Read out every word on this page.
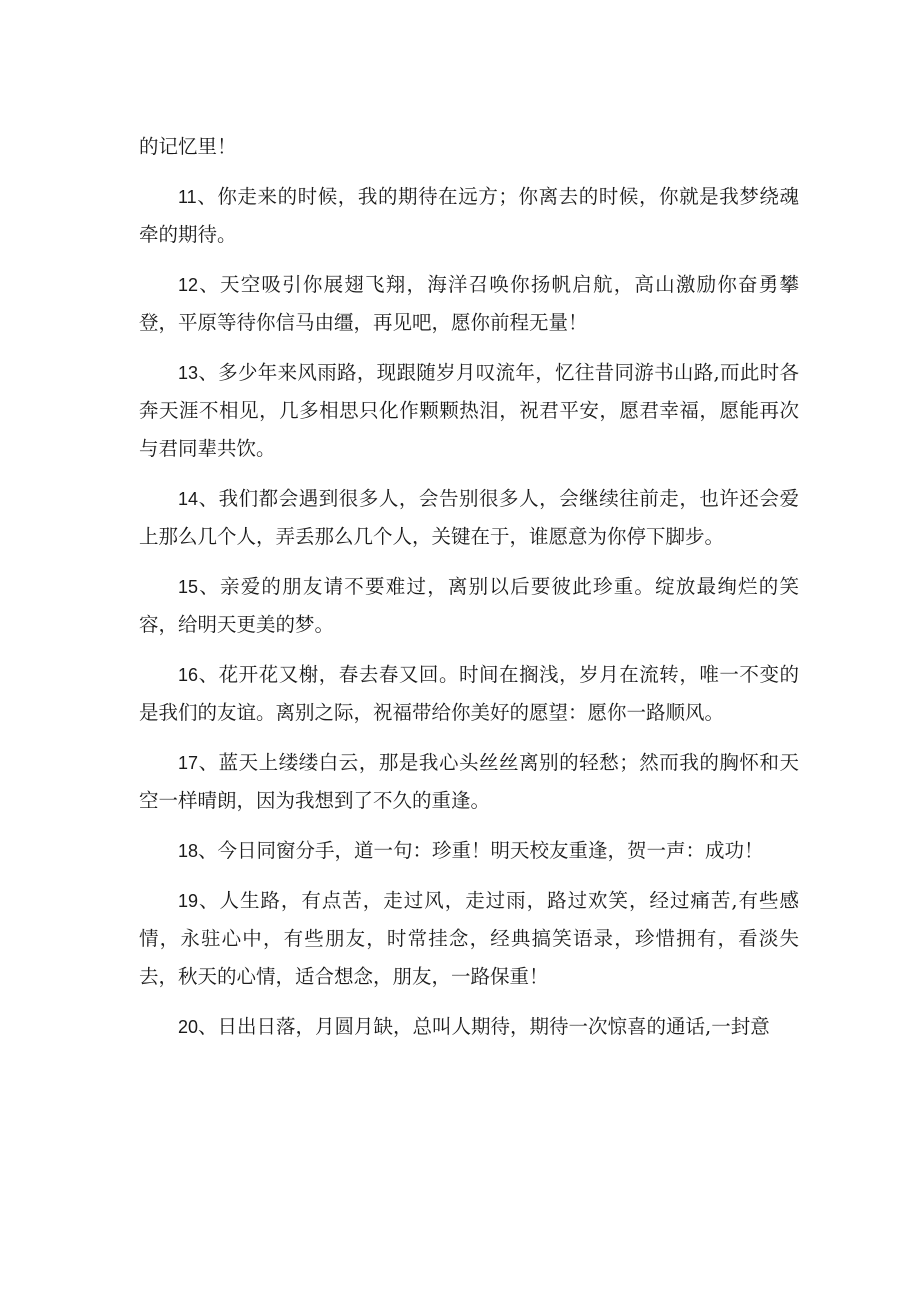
的记忆里！

11、你走来的时候，我的期待在远方；你离去的时候，你就是我梦绕魂牵的期待。

12、天空吸引你展翅飞翔，海洋召唤你扬帆启航，高山激励你奋勇攀登，平原等待你信马由缰，再见吧，愿你前程无量！

13、多少年来风雨路，现跟随岁月叹流年，忆往昔同游书山路,而此时各奔天涯不相见，几多相思只化作颗颗热泪，祝君平安，愿君幸福，愿能再次与君同辈共饮。

14、我们都会遇到很多人，会告别很多人，会继续往前走，也许还会爱上那么几个人，弄丢那么几个人，关键在于，谁愿意为你停下脚步。

15、亲爱的朋友请不要难过，离别以后要彼此珍重。绽放最绚烂的笑容，给明天更美的梦。

16、花开花又榭，春去春又回。时间在搁浅，岁月在流转，唯一不变的是我们的友谊。离别之际，祝福带给你美好的愿望：愿你一路顺风。

17、蓝天上缕缕白云，那是我心头丝丝离别的轻愁；然而我的胸怀和天空一样晴朗，因为我想到了不久的重逢。

18、今日同窗分手，道一句：珍重！明天校友重逢，贺一声：成功！

19、人生路，有点苦，走过风，走过雨，路过欢笑，经过痛苦,有些感情，永驻心中，有些朋友，时常挂念，经典搞笑语录，珍惜拥有，看淡失去，秋天的心情，适合想念，朋友，一路保重！

20、日出日落，月圆月缺，总叫人期待，期待一次惊喜的通话,一封意
